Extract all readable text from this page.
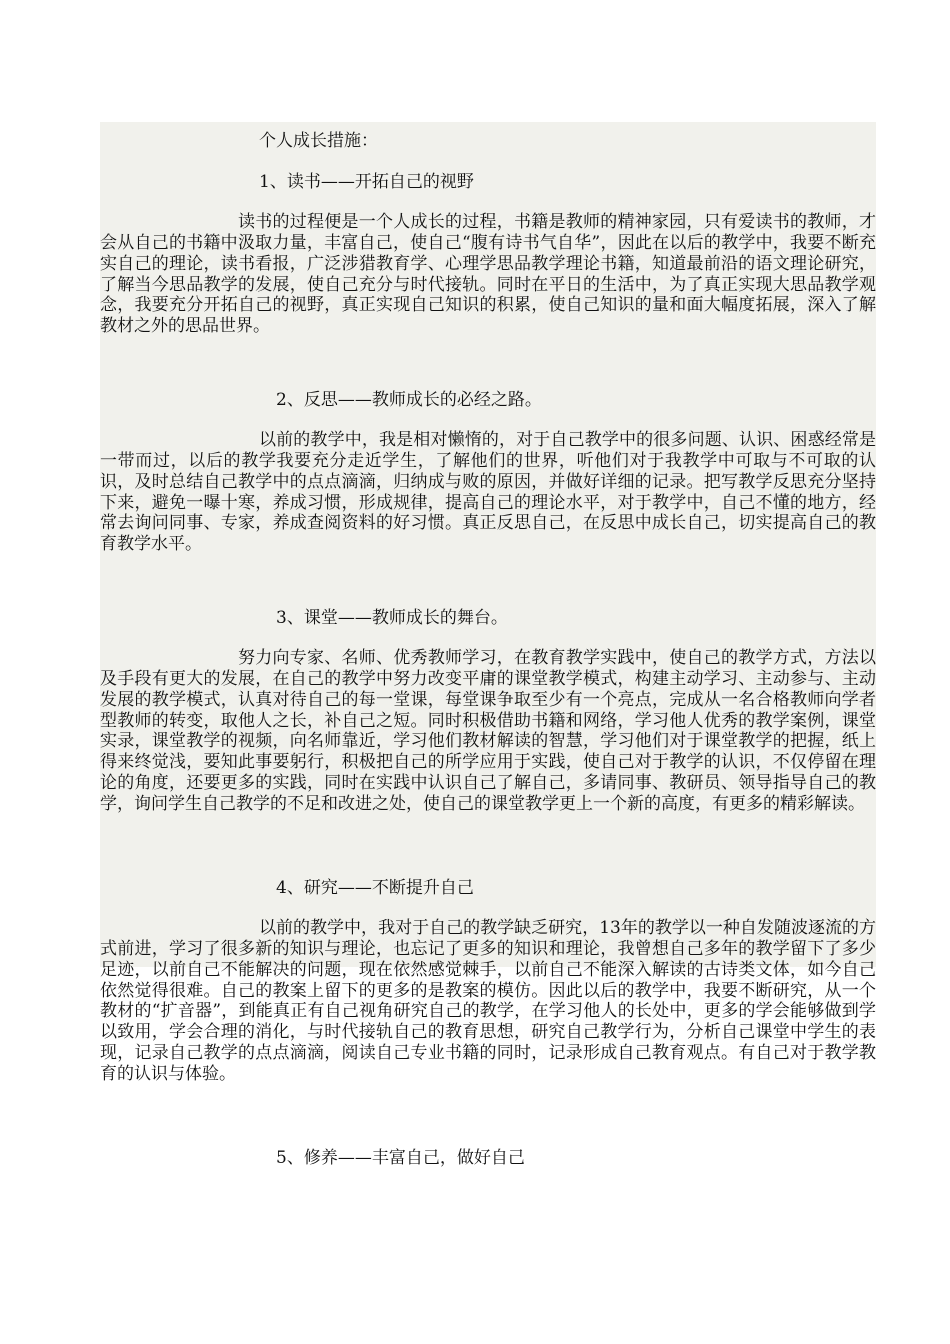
个人成长措施：

1、读书——开拓自己的视野

读书的过程便是一个人成长的过程，书籍是教师的精神家园，只有爱读书的教师，才会从自己的书籍中汲取力量，丰富自己，使自己“腹有诗书气自华”，因此在以后的教学中，我要不断充实自己的理论，读书看报，广泛涉猎教育学、心理学思品教学理论书籍，知道最前沿的语文理论研究，了解当今思品教学的发展，使自己充分与时代接轨。同时在平日的生活中，为了真正实现大思品教学观念，我要充分开拓自己的视野，真正实现自己知识的积累，使自己知识的量和面大幅度拓展，深入了解教材之外的思品世界。

2、反思——教师成长的必经之路。

以前的教学中，我是相对懒惰的，对于自己教学中的很多问题、认识、困惑经常是一带而过，以后的教学我要充分走近学生，了解他们的世界，听他们对于我教学中可取与不可取的认识，及时总结自己教学中的点点滴滴，归纳成与败的原因，并做好详细的记录。把写教学反思充分坚持下来，避免一曝十寒，养成习惯，形成规律，提高自己的理论水平，对于教学中，自己不懂的地方，经常去询问同事、专家，养成查阅资料的好习惯。真正反思自己，在反思中成长自己，切实提高自己的教育教学水平。

3、课堂——教师成长的舞台。

努力向专家、名师、优秀教师学习，在教育教学实践中，使自己的教学方式，方法以及手段有更大的发展，在自己的教学中努力改变平庸的课堂教学模式，构建主动学习、主动参与、主动发展的教学模式，认真对待自己的每一堂课，每堂课争取至少有一个亮点，完成从一名合格教师向学者型教师的转变，取他人之长，补自己之短。同时积极借助书籍和网络，学习他人优秀的教学案例，课堂实录，课堂教学的视频，向名师靠近，学习他们教材解读的智慧，学习他们对于课堂教学的把握，纸上得来终觉浅，要知此事要躬行，积极把自己的所学应用于实践，使自己对于教学的认识，不仅停留在理论的角度，还要更多的实践，同时在实践中认识自己了解自己，多请同事、教研员、领导指导自己的教学，询问学生自己教学的不足和改进之处，使自己的课堂教学更上一个新的高度，有更多的精彩解读。

4、研究——不断提升自己

以前的教学中，我对于自己的教学缺乏研究，13年的教学以一种自发随波逐流的方式前进，学习了很多新的知识与理论，也忘记了更多的知识和理论，我曾想自己多年的教学留下了多少足迹，以前自己不能解决的问题，现在依然感觉棘手，以前自己不能深入解读的古诗类文体，如今自己依然觉得很难。自己的教案上留下的更多的是教案的模仿。因此以后的教学中，我要不断研究，从一个教材的“扩音器”，到能真正有自己视角研究自己的教学，在学习他人的长处中，更多的学会能够做到学以致用，学会合理的消化，与时代接轨自己的教育思想，研究自己教学行为，分析自己课堂中学生的表现，记录自己教学的点点滴滴，阅读自己专业书籍的同时，记录形成自己教育观点。有自己对于教学教育的认识与体验。

5、修养——丰富自己，做好自己
